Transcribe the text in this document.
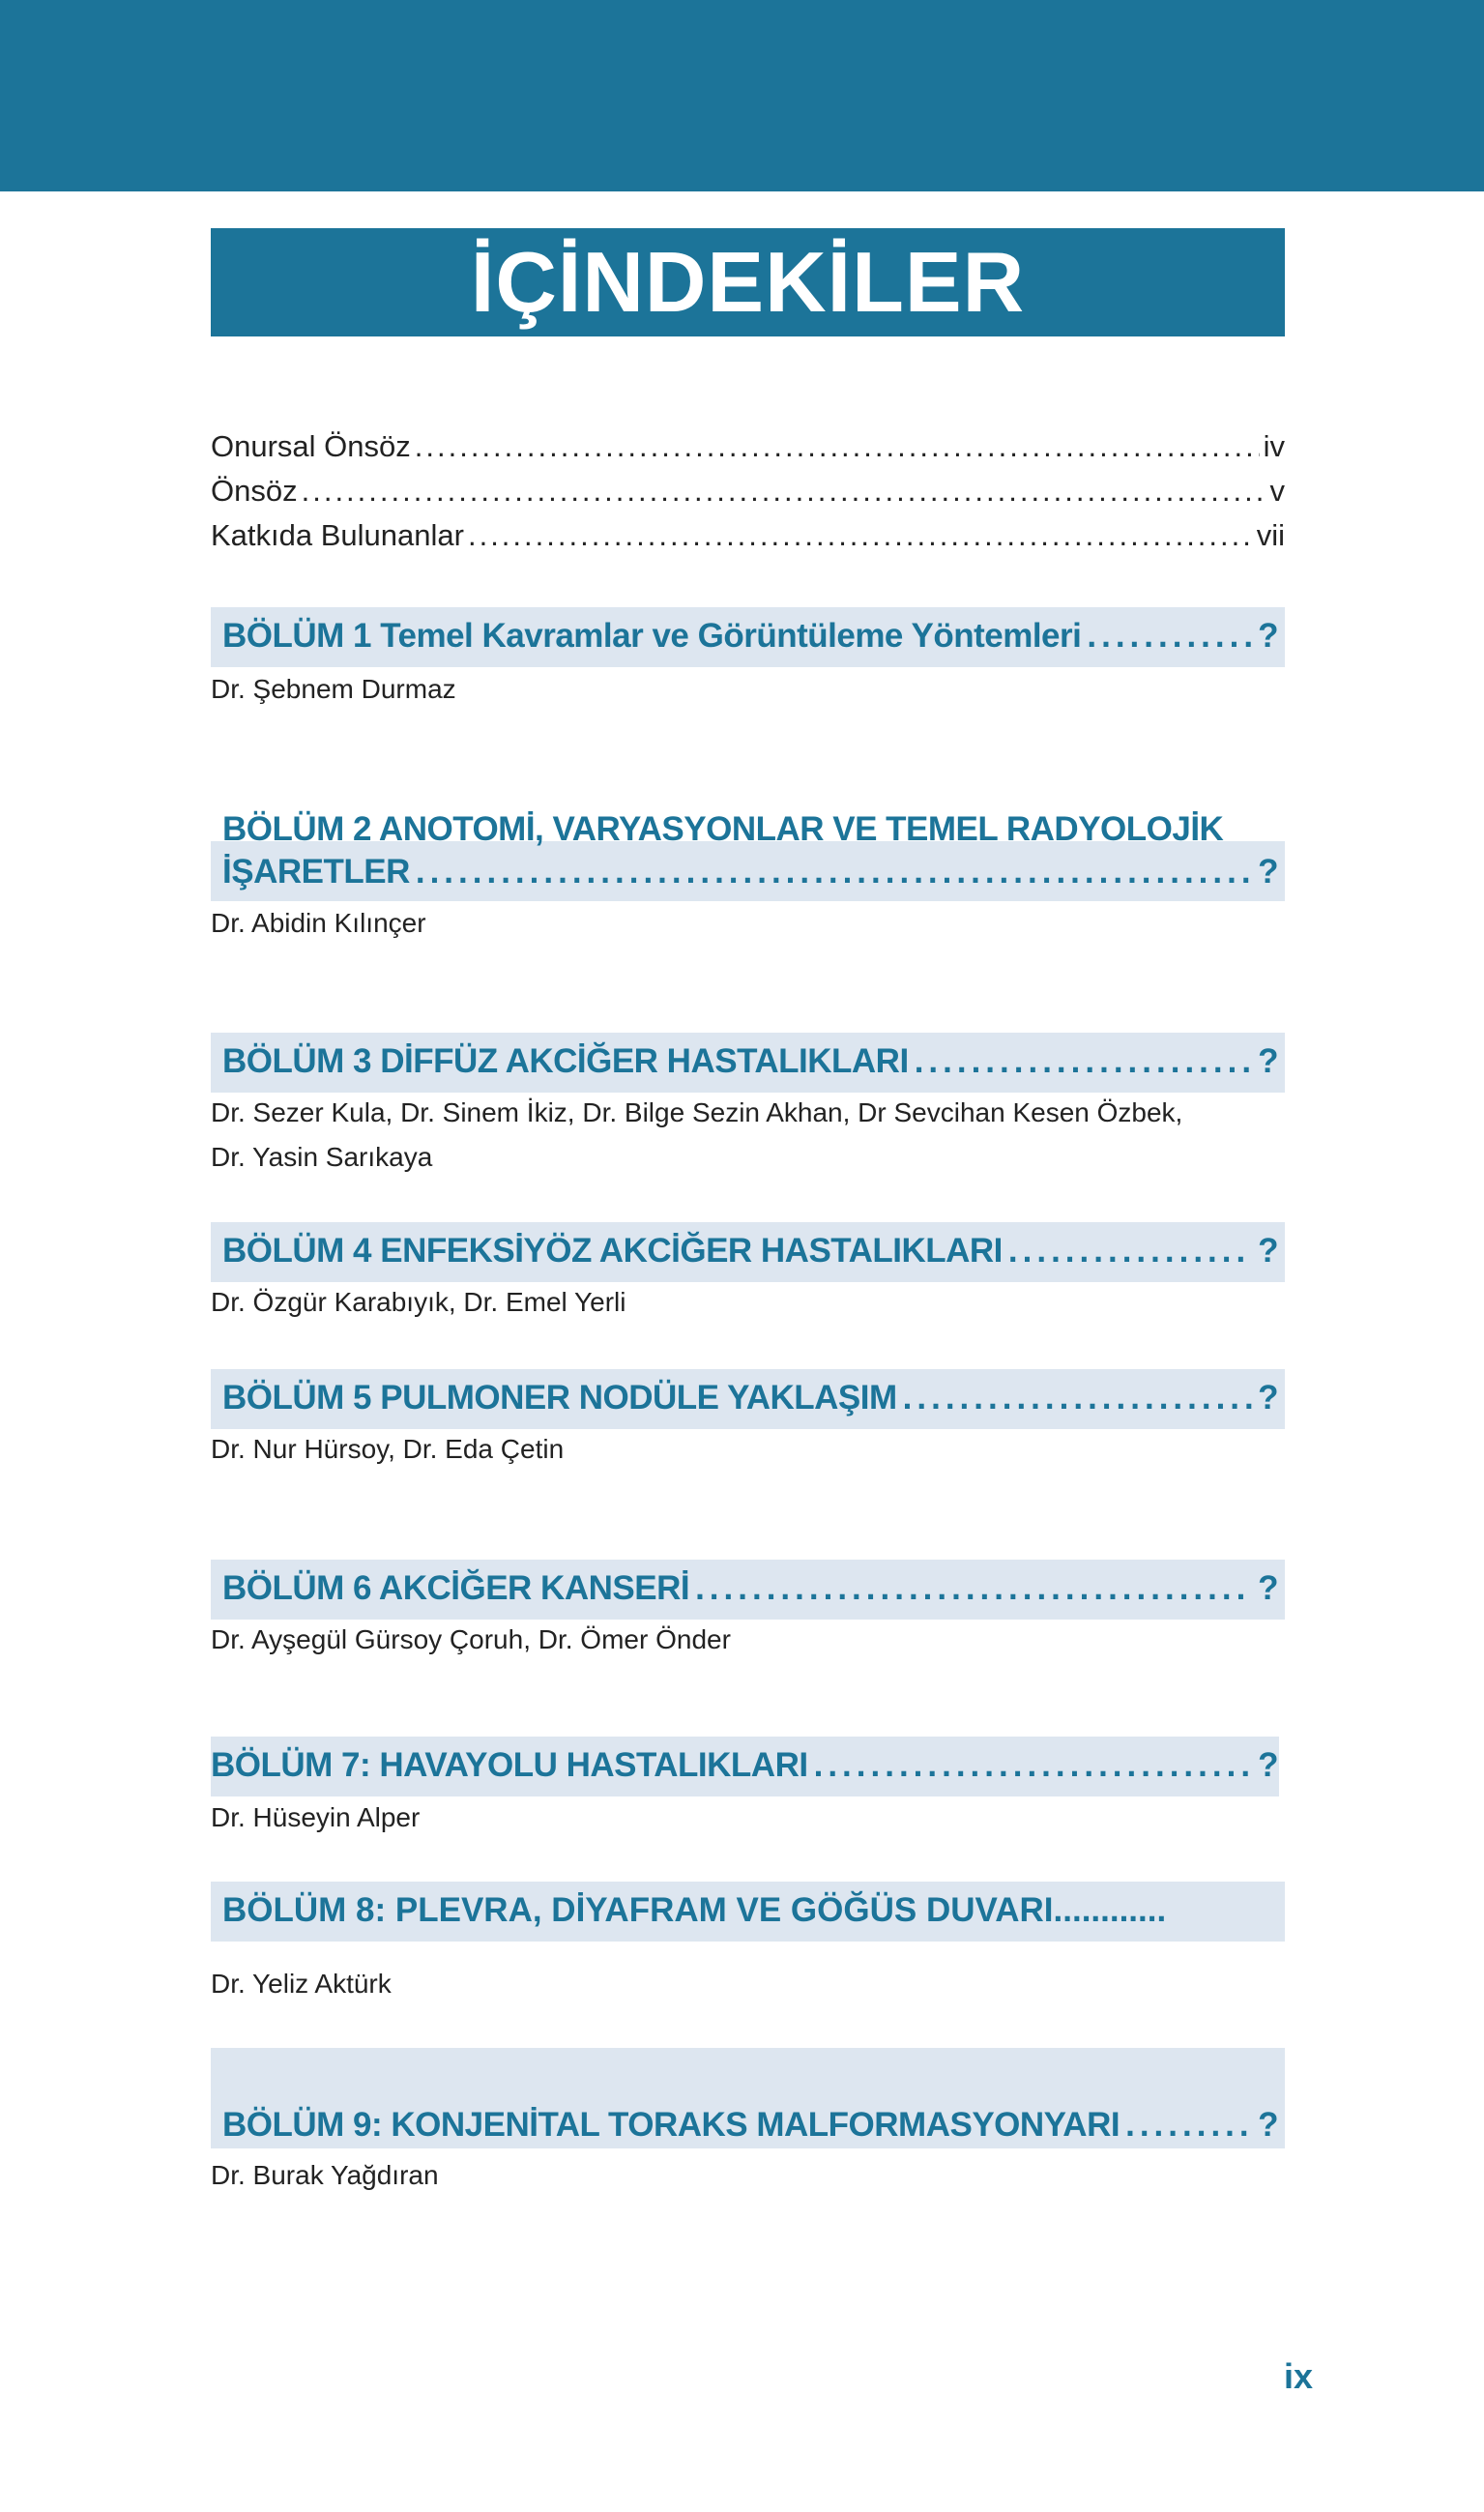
İÇİNDEKİLER
Onursal Önsöz .....	iv
Önsöz .....	v
Katkıda Bulunanlar .....	vii
BÖLÜM 1 Temel Kavramlar ve Görüntüleme Yöntemleri .....	?
Dr. Şebnem Durmaz
BÖLÜM 2 ANOTOMİ, VARYASYONLAR VE TEMEL RADYOLOJİK
İŞARETLER .....	?
Dr. Abidin Kılınçer
BÖLÜM 3 DİFFÜZ AKCİĞER HASTALIKLARI .....	?
Dr. Sezer Kula, Dr. Sinem İkiz, Dr. Bilge Sezin Akhan, Dr Sevcihan Kesen Özbek,
Dr. Yasin Sarıkaya
BÖLÜM 4 ENFEKSİYÖZ AKCİĞER HASTALIKLARI .....	?
Dr. Özgür Karabıyık, Dr. Emel Yerli
BÖLÜM 5 PULMONER NODÜLE YAKLAŞIM .....	?
Dr. Nur Hürsoy, Dr. Eda Çetin
BÖLÜM 6 AKCİĞER KANSERİ .....	?
Dr. Ayşegül Gürsoy Çoruh, Dr. Ömer Önder
BÖLÜM 7: HAVAYOLU HASTALIKLARI .....	?
Dr. Hüseyin Alper
BÖLÜM 8: PLEVRA, DİYAFRAM VE GÖĞÜS DUVARI............
Dr. Yeliz Aktürk
BÖLÜM 9: KONJENİTAL TORAKS MALFORMASYONYARI .....	?
Dr. Burak Yağdıran
ix
